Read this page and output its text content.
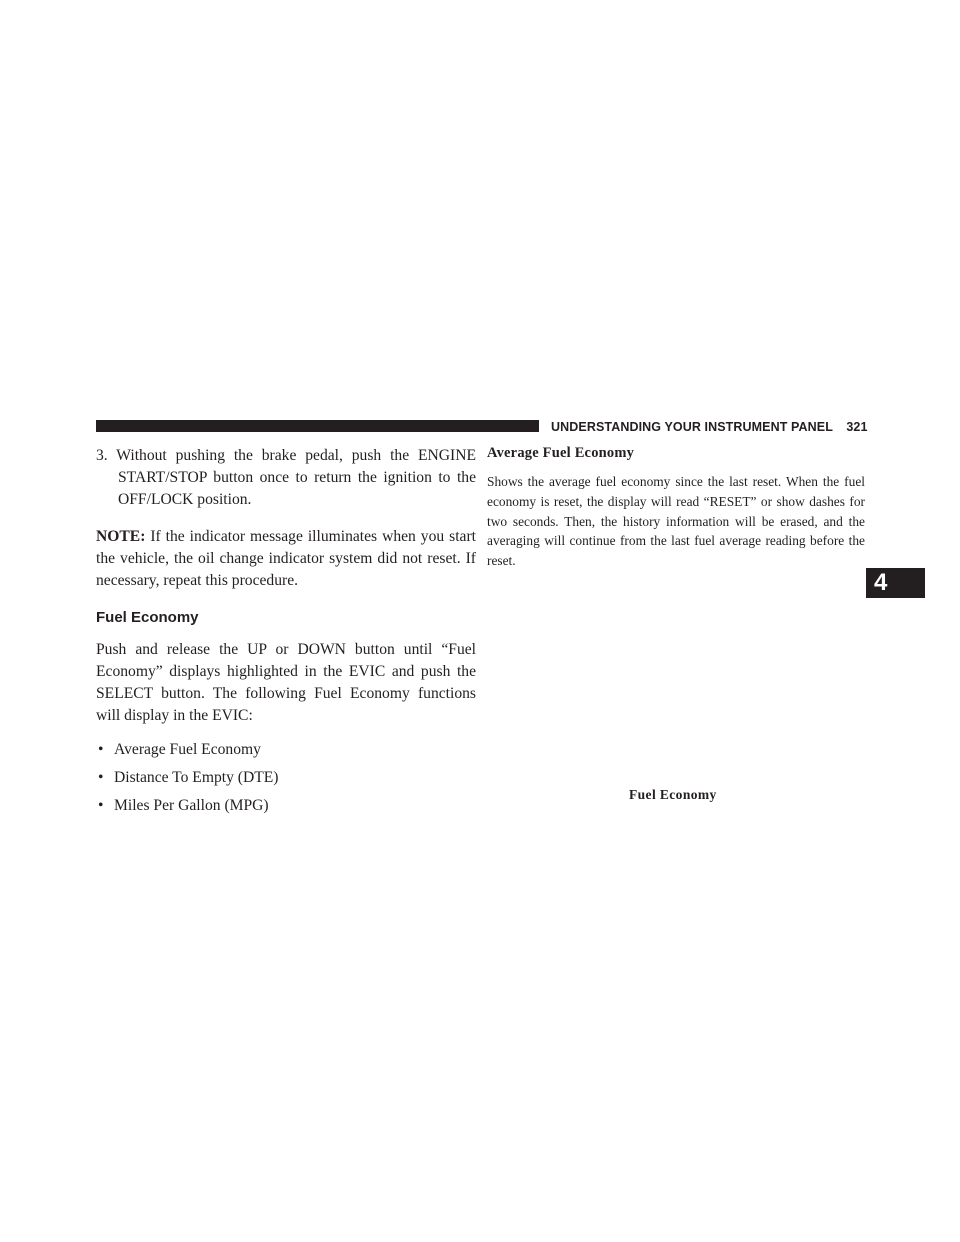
UNDERSTANDING YOUR INSTRUMENT PANEL 321

3. Without pushing the brake pedal, push the ENGINE START/STOP button once to return the ignition to the OFF/LOCK position.

NOTE: If the indicator message illuminates when you start the vehicle, the oil change indicator system did not reset. If necessary, repeat this procedure.

Fuel Economy

Push and release the UP or DOWN button until “Fuel Economy” displays highlighted in the EVIC and push the SELECT button. The following Fuel Economy functions will display in the EVIC:

• Average Fuel Economy
• Distance To Empty (DTE)
• Miles Per Gallon (MPG)
Average Fuel Economy

Shows the average fuel economy since the last reset. When the fuel economy is reset, the display will read “RESET” or show dashes for two seconds. Then, the history information will be erased, and the averaging will continue from the last fuel average reading before the reset.

Fuel Economy
4
